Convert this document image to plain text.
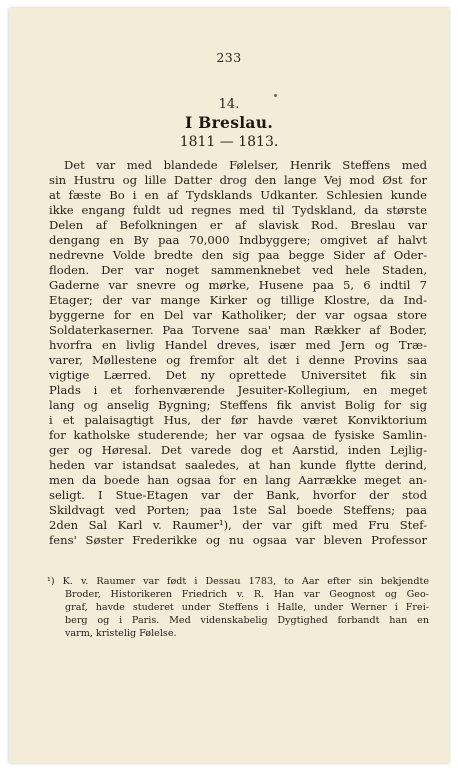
233
14.
I Breslau.
1811 — 1813.
Det var med blandede Følelser, Henrik Steffens med
sin Hustru og lille Datter drog den lange Vej mod Øst for
at fæste Bo i en af Tydsklands Udkanter. Schlesien kunde
ikke engang fuldt ud regnes med til Tydskland, da største
Delen af Befolkningen er af slavisk Rod. Breslau var
dengang en By paa 70,000 Indbyggere; omgivet af halvt
nedrevne Volde bredte den sig paa begge Sider af Oder-
floden. Der var noget sammenknebet ved hele Staden,
Gaderne var snevre og mørke, Husene paa 5, 6 indtil 7
Etager; der var mange Kirker og tillige Klostre, da Ind-
byggerne for en Del var Katholiker; der var ogsaa store
Soldaterkaserner. Paa Torvene saa' man Rækker af Boder,
hvorfra en livlig Handel dreves, især med Jern og Træ-
varer, Møllestene og fremfor alt det i denne Provins saa
vigtige Lærred. Det ny oprettede Universitet fik sin
Plads i et forhenværende Jesuiter-Kollegium, en meget
lang og anselig Bygning; Steffens fik anvist Bolig for sig
i et palaisagtigt Hus, der før havde været Konviktorium
for katholske studerende; her var ogsaa de fysiske Samlin-
ger og Høresal. Det varede dog et Aarstid, inden Lejlig-
heden var istandsat saaledes, at han kunde flytte derind,
men da boede han ogsaa for en lang Aarrække meget an-
seligt. I Stue-Etagen var der Bank, hvorfor der stod
Skildvagt ved Porten; paa 1ste Sal boede Steffens; paa
2den Sal Karl v. Raumer¹), der var gift med Fru Stef-
fens' Søster Frederikke og nu ogsaa var bleven Professor
¹) K. v. Raumer var født i Dessau 1783, to Aar efter sin bekjendte
Broder, Historikeren Friedrich v. R. Han var Geognost og Geo-
graf, havde studeret under Steffens i Halle, under Werner i Frei-
berg og i Paris. Med videnskabelig Dygtighed forbandt han en
varm, kristelig Følelse.
